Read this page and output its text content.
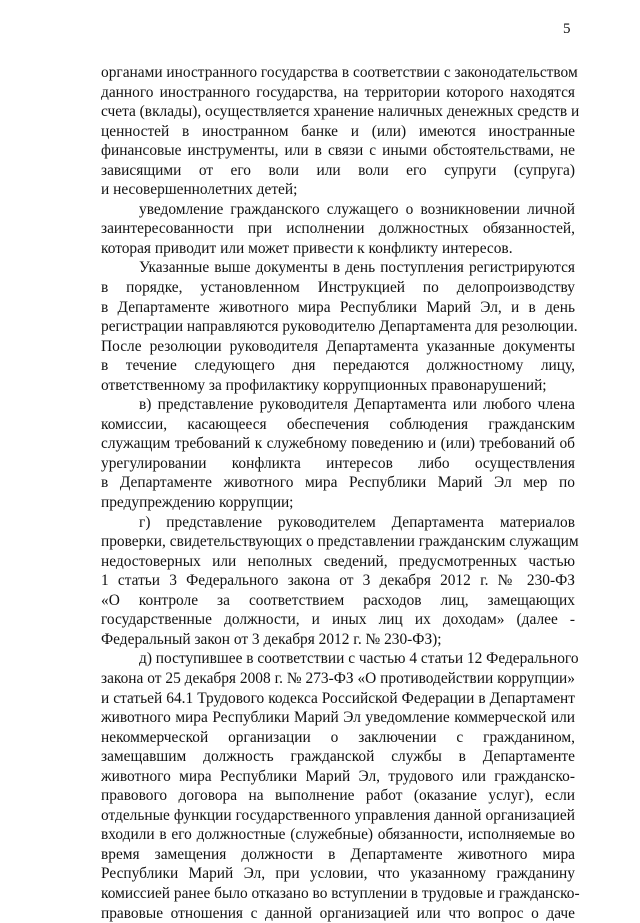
5
органами иностранного государства в соответствии с законодательством
данного иностранного государства, на территории которого находятся
счета (вклады), осуществляется хранение наличных денежных средств и
ценностей в иностранном банке и (или) имеются иностранные
финансовые инструменты, или в связи с иными обстоятельствами, не
зависящими от его воли или воли его супруги (супруга)
и несовершеннолетних детей;
уведомление гражданского служащего о возникновении личной
заинтересованности при исполнении должностных обязанностей,
которая приводит или может привести к конфликту интересов.
Указанные выше документы в день поступления регистрируются
в порядке, установленном Инструкцией по делопроизводству
в Департаменте животного мира Республики Марий Эл, и в день
регистрации направляются руководителю Департамента для резолюции.
После резолюции руководителя Департамента указанные документы
в течение следующего дня передаются должностному лицу,
ответственному за профилактику коррупционных правонарушений;
в) представление руководителя Департамента или любого члена
комиссии, касающееся обеспечения соблюдения гражданским
служащим требований к служебному поведению и (или) требований об
урегулировании конфликта интересов либо осуществления
в Департаменте животного мира Республики Марий Эл мер по
предупреждению коррупции;
г) представление руководителем Департамента материалов
проверки, свидетельствующих о представлении гражданским служащим
недостоверных или неполных сведений, предусмотренных частью
1 статьи 3 Федерального закона от 3 декабря 2012 г. № 230-ФЗ
«О контроле за соответствием расходов лиц, замещающих
государственные должности, и иных лиц их доходам» (далее -
Федеральный закон от 3 декабря 2012 г. № 230-ФЗ);
д) поступившее в соответствии с частью 4 статьи 12 Федерального
закона от 25 декабря 2008 г. № 273-ФЗ «О противодействии коррупции»
и статьей 64.1 Трудового кодекса Российской Федерации в Департамент
животного мира Республики Марий Эл уведомление коммерческой или
некоммерческой организации о заключении с гражданином,
замещавшим должность гражданской службы в Департаменте
животного мира Республики Марий Эл, трудового или гражданско-
правового договора на выполнение работ (оказание услуг), если
отдельные функции государственного управления данной организацией
входили в его должностные (служебные) обязанности, исполняемые во
время замещения должности в Департаменте животного мира
Республики Марий Эл, при условии, что указанному гражданину
комиссией ранее было отказано во вступлении в трудовые и гражданско-
правовые отношения с данной организацией или что вопрос о даче
